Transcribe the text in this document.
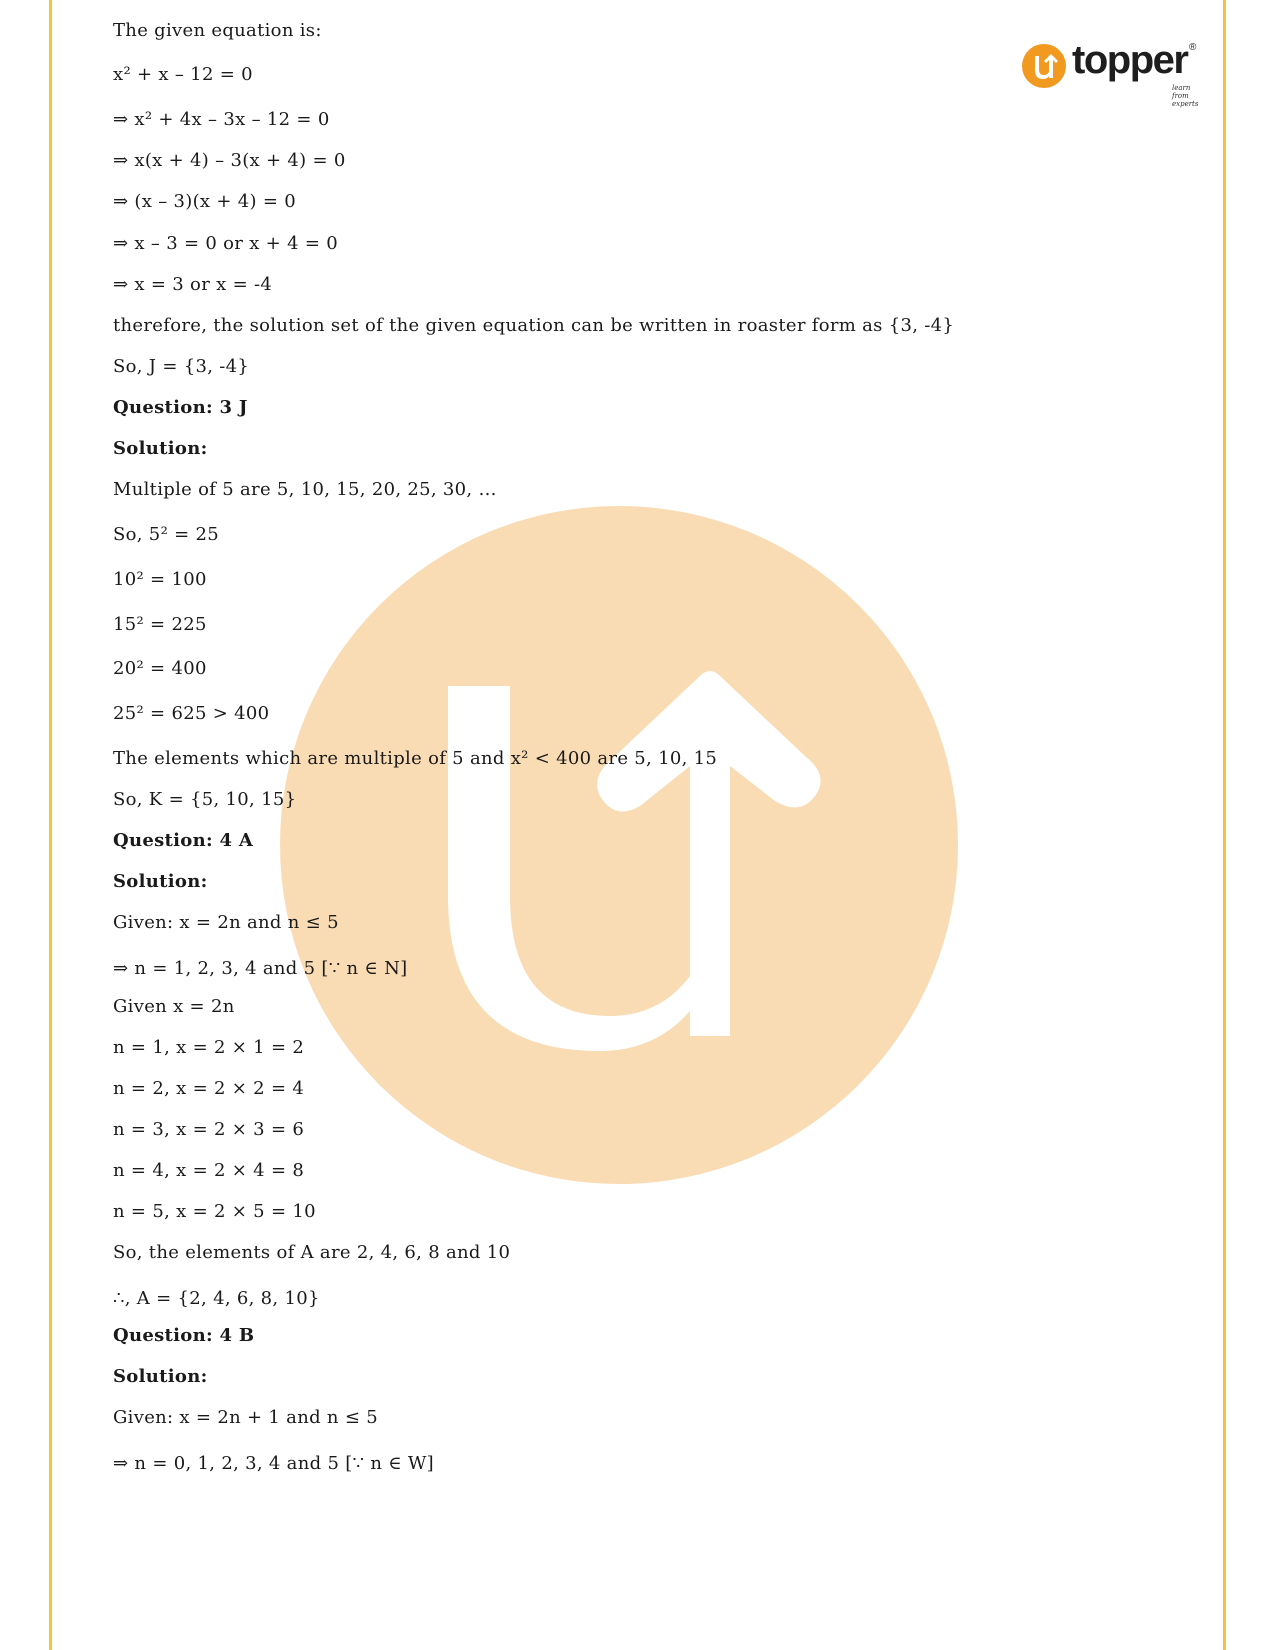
topper ®
learn from experts
The given equation is:
x² + x – 12 = 0
⇒ x² + 4x – 3x – 12 = 0
⇒ x(x + 4) – 3(x + 4) = 0
⇒ (x – 3)(x + 4) = 0
⇒ x – 3 = 0 or x + 4 = 0
⇒ x = 3 or x = -4
therefore, the solution set of the given equation can be written in roaster form as {3, -4}
So, J = {3, -4}
Question: 3 J
Solution:
Multiple of 5 are 5, 10, 15, 20, 25, 30, …
So, 5² = 25
10² = 100
15² = 225
20² = 400
25² = 625 > 400
The elements which are multiple of 5 and x² < 400 are 5, 10, 15
So, K = {5, 10, 15}
Question: 4 A
Solution:
Given: x = 2n and n ≤ 5
⇒ n = 1, 2, 3, 4 and 5 [∵ n ∈ N]
Given x = 2n
n = 1, x = 2 × 1 = 2
n = 2, x = 2 × 2 = 4
n = 3, x = 2 × 3 = 6
n = 4, x = 2 × 4 = 8
n = 5, x = 2 × 5 = 10
So, the elements of A are 2, 4, 6, 8 and 10
∴, A = {2, 4, 6, 8, 10}
Question: 4 B
Solution:
Given: x = 2n + 1 and n ≤ 5
⇒ n = 0, 1, 2, 3, 4 and 5 [∵ n ∈ W]
